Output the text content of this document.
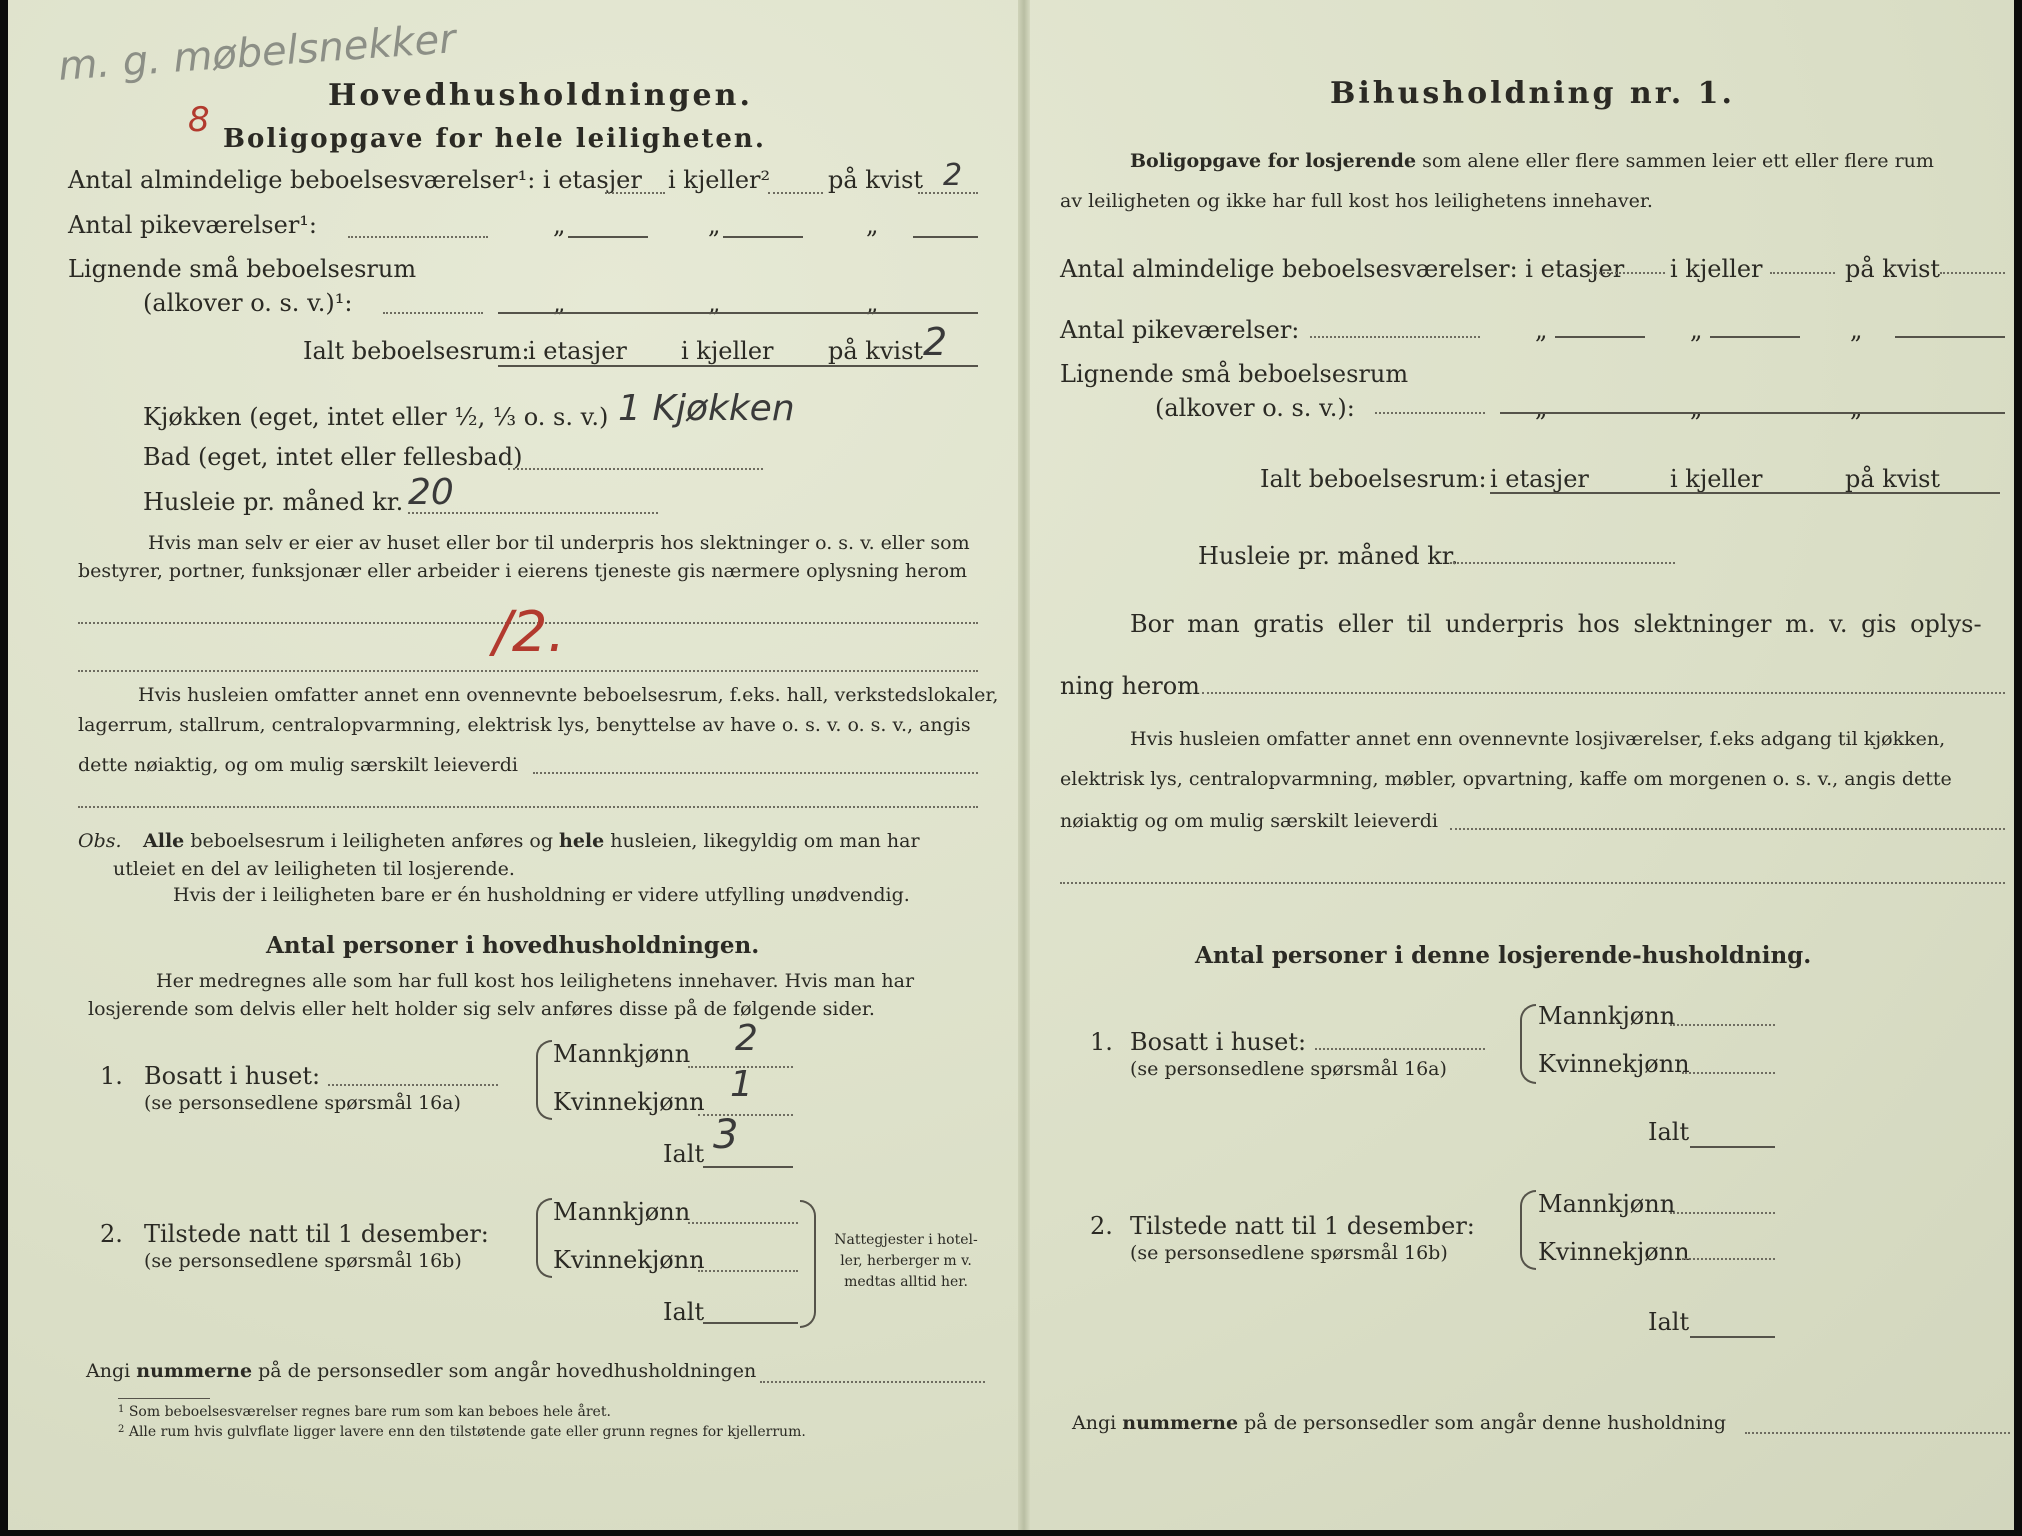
m. g. møbelsnekker
8
Hovedhusholdningen.
Boligopgave for hele leiligheten.
Antal almindelige beboelsesværelser¹: i etasjer i kjeller² på kvist 2
Antal pikeværelser¹:	„	„	„
Lignende små beboelsesrum
(alkover o. s. v.)¹:	„	„	„
Ialt beboelsesrum:
i etasjer i kjeller på kvist 2
Kjøkken (eget, intet eller ½, ⅓ o. s. v.) 1 Kjøkken
Bad (eget, intet eller fellesbad)
Husleie pr. måned kr. 20
Hvis man selv er eier av huset eller bor til underpris hos slektninger o. s. v. eller som
bestyrer, portner, funksjonær eller arbeider i eierens tjeneste gis nærmere oplysning herom
/2.
Hvis husleien omfatter annet enn ovennevnte beboelsesrum, f.eks. hall, verkstedslokaler,
lagerrum, stallrum, centralopvarmning, elektrisk lys, benyttelse av have o. s. v. o. s. v., angis
dette nøiaktig, og om mulig særskilt leieverdi
Obs. Alle beboelsesrum i leiligheten anføres og hele husleien, likegyldig om man har
utleiet en del av leiligheten til losjerende.
Hvis der i leiligheten bare er én husholdning er videre utfylling unødvendig.
Antal personer i hovedhusholdningen.
Her medregnes alle som har full kost hos leilighetens innehaver. Hvis man har
losjerende som delvis eller helt holder sig selv anføres disse på de følgende sider.
1. Bosatt i huset:
(se personsedlene spørsmål 16a)
Mannkjønn 2
Kvinnekjønn 1
Ialt 3
2. Tilstede natt til 1 desember:
(se personsedlene spørsmål 16b)
Mannkjønn
Kvinnekjønn
Ialt
Nattegjester i hotel-
ler, herberger m v.
medtas alltid her.
Angi nummerne på de personsedler som angår hovedhusholdningen
$^1$ Som beboelsesværelser regnes bare rum som kan beboes hele året.
$^2$ Alle rum hvis gulvflate ligger lavere enn den tilstøtende gate eller grunn regnes for kjellerrum.
Bihusholdning nr. 1.
Boligopgave for losjerende som alene eller flere sammen leier ett eller flere rum
av leiligheten og ikke har full kost hos leilighetens innehaver.
Antal almindelige beboelsesværelser: i etasjer i kjeller	på kvist
Antal pikeværelser:	„	„	„
Lignende små beboelsesrum
(alkover o. s. v.):	„	„	„
Ialt beboelsesrum: i etasjer	i kjeller	på kvist
Husleie pr. måned kr.
Bor man gratis eller til underpris hos slektninger m. v. gis oplys-
ning herom
Hvis husleien omfatter annet enn ovennevnte losjiværelser, f.eks adgang til kjøkken,
elektrisk lys, centralopvarmning, møbler, opvartning, kaffe om morgenen o. s. v., angis dette
nøiaktig og om mulig særskilt leieverdi
Antal personer i denne losjerende-husholdning.
1. Bosatt i huset:
(se personsedlene spørsmål 16a)
Mannkjønn
Kvinnekjønn
Ialt
2. Tilstede natt til 1 desember:
(se personsedlene spørsmål 16b)
Mannkjønn
Kvinnekjønn
Ialt
Angi nummerne på de personsedler som angår denne husholdning
